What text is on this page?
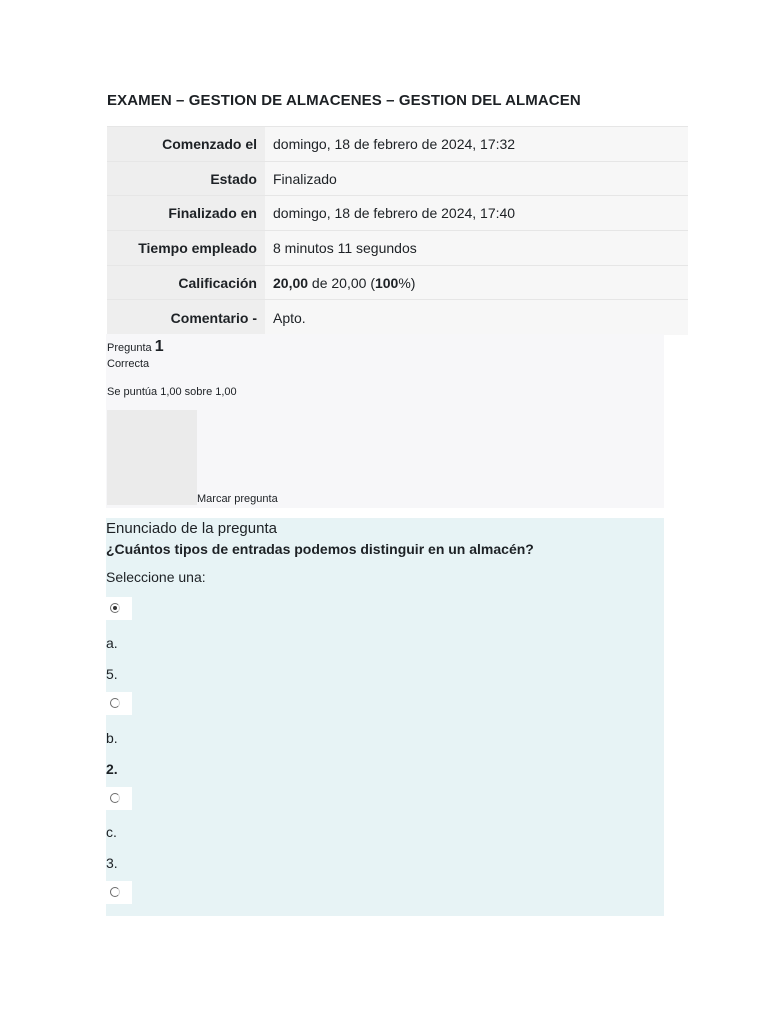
EXAMEN – GESTION DE ALMACENES – GESTION DEL ALMACEN
Comenzado el	domingo, 18 de febrero de 2024, 17:32
Estado	Finalizado
Finalizado en	domingo, 18 de febrero de 2024, 17:40
Tiempo empleado	8 minutos 11 segundos
Calificación	20,00 de 20,00 (100%)
Comentario -	Apto.
Pregunta 1
Correcta
Se puntúa 1,00 sobre 1,00
Marcar pregunta
Enunciado de la pregunta
¿Cuántos tipos de entradas podemos distinguir en un almacén?
Seleccione una:
a.
5.
b.
2.
c.
3.
